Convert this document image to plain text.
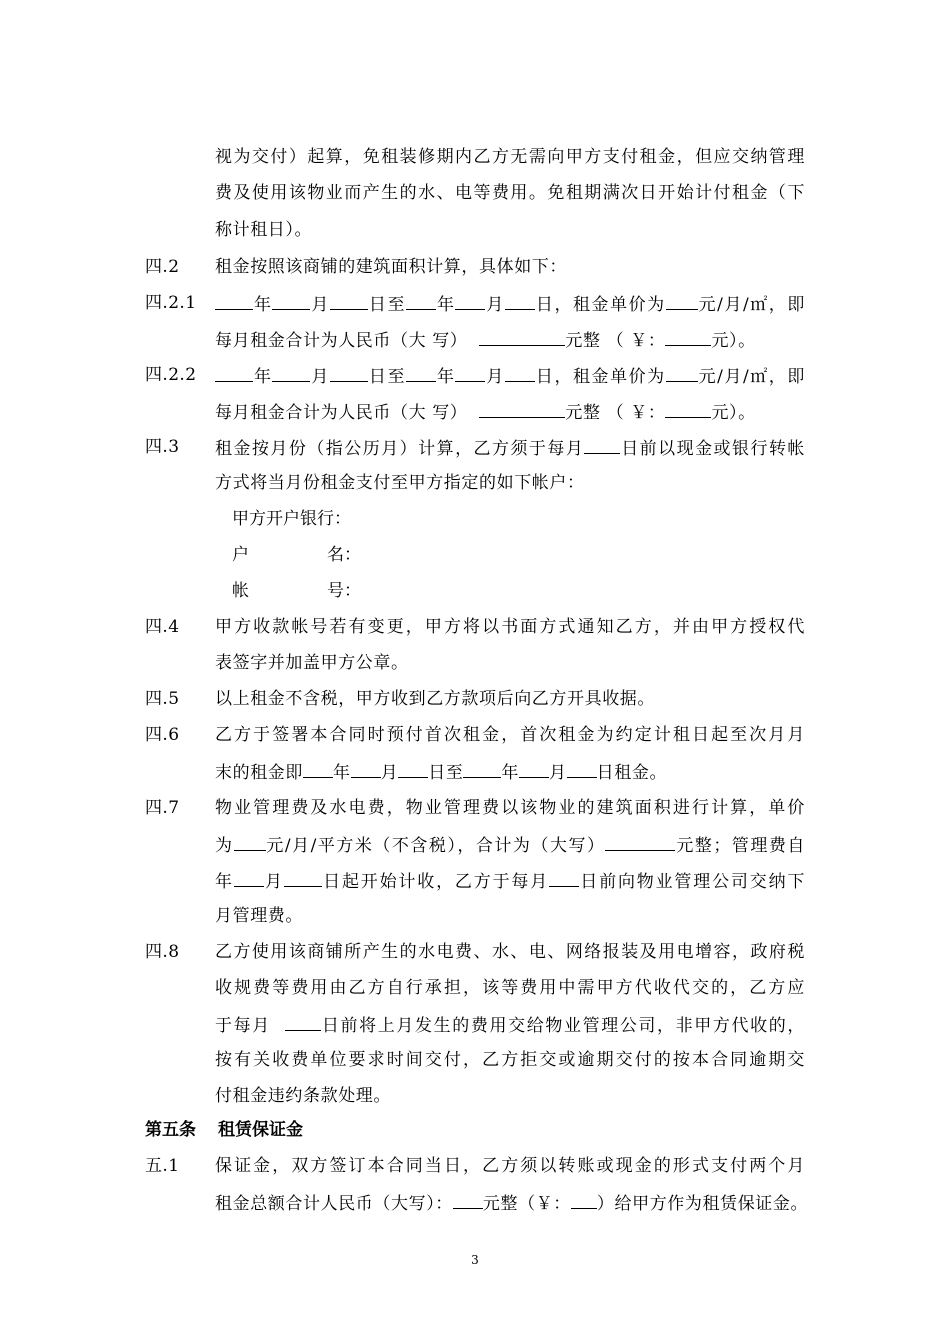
视为交付）起算，免租装修期内乙方无需向甲方支付租金，但应交纳管理
费及使用该物业而产生的水、电等费用。免租期满次日开始计付租金（下
称计租日）。
四.2 租金按照该商铺的建筑面积计算，具体如下：
四.2.1	年 月 日至 年 月 日，租金单价为 元/月/㎡，即
每月租金合计为人民币（大 写）	元整 （ ￥：	元）。
四.2.2	年 月 日至 年 月 日，租金单价为 元/月/㎡，即
每月租金合计为人民币（大 写）	元整 （ ￥：	元）。
四.3 租金按月份（指公历月）计算，乙方须于每月 日前以现金或银行转帐
方式将当月份租金支付至甲方指定的如下帐户：
甲方开户银行：
户	名：
帐	号：
四.4 甲方收款帐号若有变更，甲方将以书面方式通知乙方，并由甲方授权代
表签字并加盖甲方公章。
四.5 以上租金不含税，甲方收到乙方款项后向乙方开具收据。
四.6 乙方于签署本合同时预付首次租金，首次租金为约定计租日起至次月月
末的租金即 年 月 日至 年 月 日租金。
四.7 物业管理费及水电费，物业管理费以该物业的建筑面积进行计算，单价
为 元/月/平方米（不含税），合计为（大写）	元整；管理费自
年 月 日起开始计收，乙方于每月 日前向物业管理公司交纳下
月管理费。
四.8 乙方使用该商铺所产生的水电费、水、电、网络报装及用电增容，政府税
收规费等费用由乙方自行承担，该等费用中需甲方代收代交的，乙方应
于每月	日前将上月发生的费用交给物业管理公司，非甲方代收的，
按有关收费单位要求时间交付，乙方拒交或逾期交付的按本合同逾期交
付租金违约条款处理。
第五条 租赁保证金
五.1 保证金，双方签订本合同当日，乙方须以转账或现金的形式支付两个月
租金总额合计人民币（大写）： 元整（￥： ）给甲方作为租赁保证金。
3
